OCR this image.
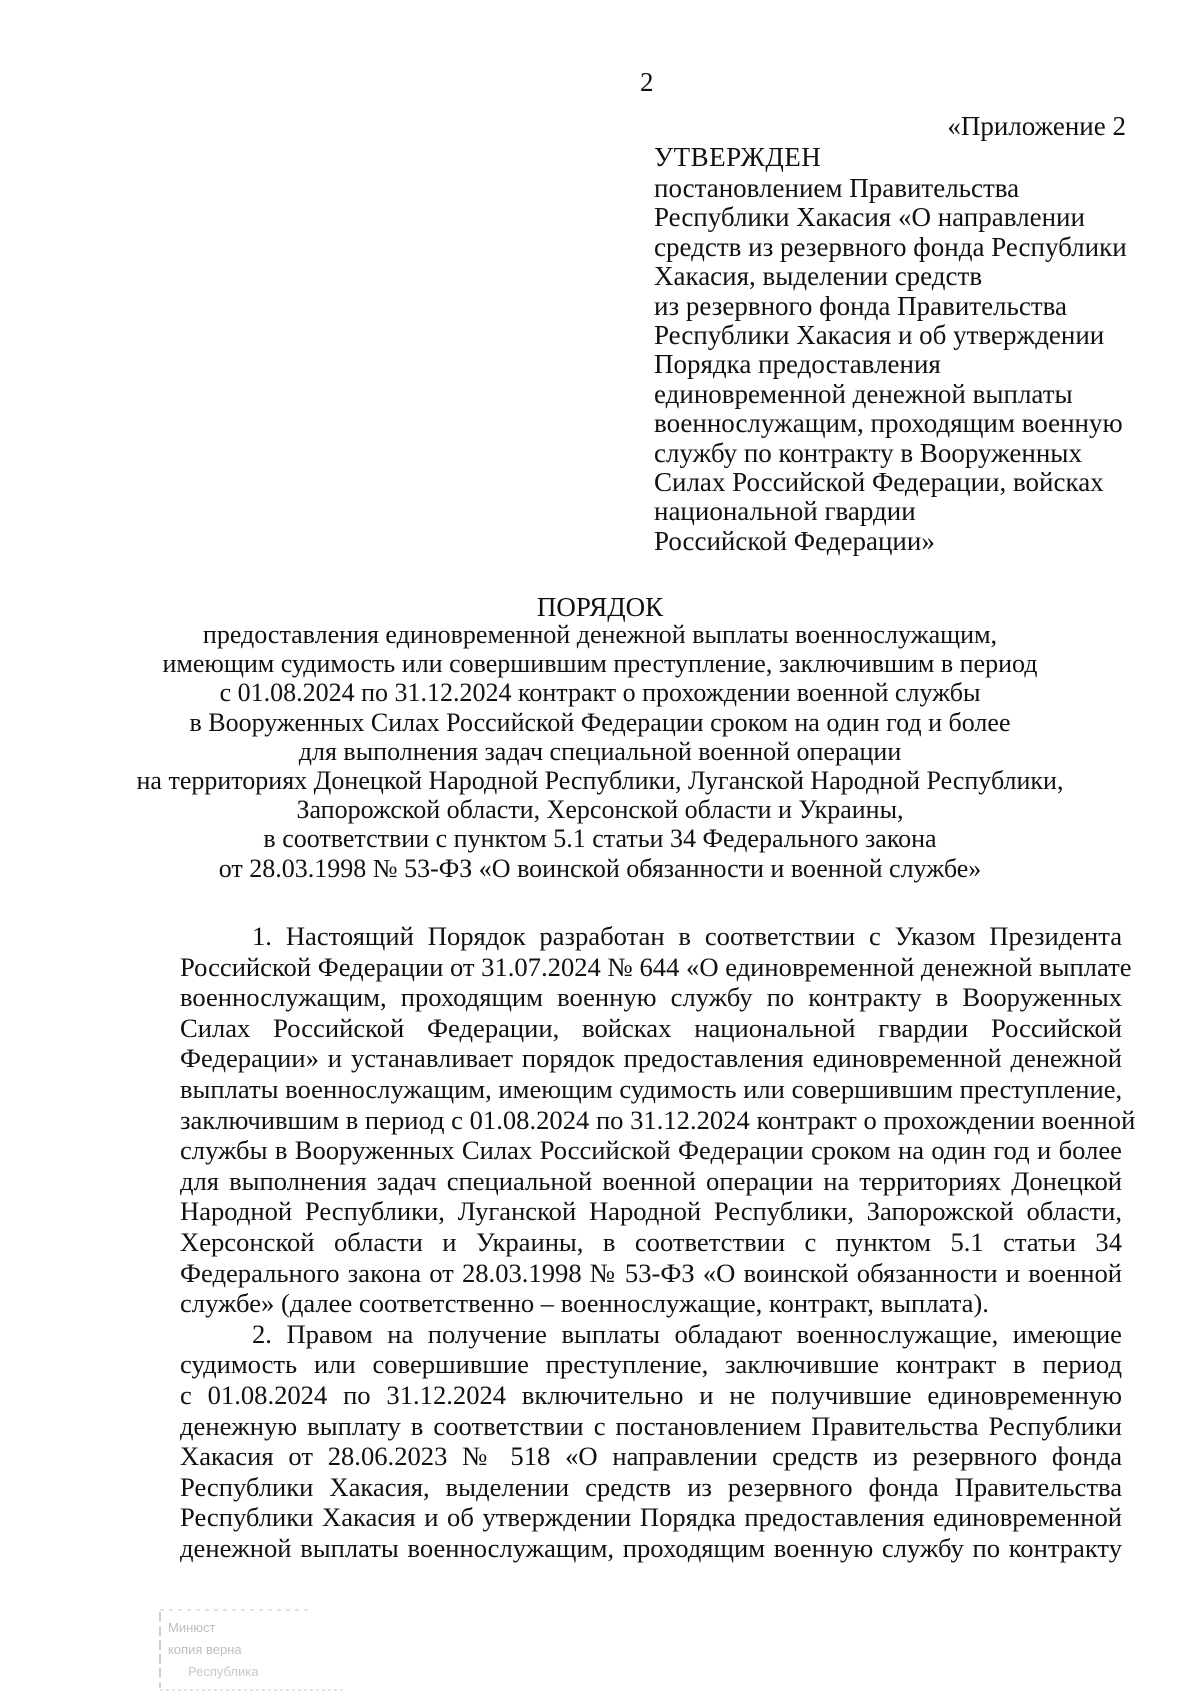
2
«Приложение 2
УТВЕРЖДЕН
постановлением Правительства
Республики Хакасия «О направлении
средств из резервного фонда Республики
Хакасия, выделении средств
из резервного фонда Правительства
Республики Хакасия и об утверждении
Порядка предоставления
единовременной денежной выплаты
военнослужащим, проходящим военную
службу по контракту в Вооруженных
Силах Российской Федерации, войсках
национальной гвардии
Российской Федерации»
ПОРЯДОК
предоставления единовременной денежной выплаты военнослужащим,
имеющим судимость или совершившим преступление, заключившим в период
с 01.08.2024 по 31.12.2024 контракт о прохождении военной службы
в Вооруженных Силах Российской Федерации сроком на один год и более
для выполнения задач специальной военной операции
на территориях Донецкой Народной Республики, Луганской Народной Республики,
Запорожской области, Херсонской области и Украины,
в соответствии с пунктом 5.1 статьи 34 Федерального закона
от 28.03.1998 № 53-ФЗ «О воинской обязанности и военной службе»
1. Настоящий Порядок разработан в соответствии с Указом Президента
Российской Федерации от 31.07.2024 № 644 «О единовременной денежной выплате
военнослужащим, проходящим военную службу по контракту в Вооруженных
Силах Российской Федерации, войсках национальной гвардии Российской
Федерации» и устанавливает порядок предоставления единовременной денежной
выплаты военнослужащим, имеющим судимость или совершившим преступление,
заключившим в период с 01.08.2024 по 31.12.2024 контракт о прохождении военной
службы в Вооруженных Силах Российской Федерации сроком на один год и более
для выполнения задач специальной военной операции на территориях Донецкой
Народной Республики, Луганской Народной Республики, Запорожской области,
Херсонской области и Украины, в соответствии с пунктом 5.1 статьи 34
Федерального закона от 28.03.1998 № 53-ФЗ «О воинской обязанности и военной
службе» (далее соответственно – военнослужащие, контракт, выплата).
2. Правом на получение выплаты обладают военнослужащие, имеющие
судимость или совершившие преступление, заключившие контракт в период
с 01.08.2024 по 31.12.2024 включительно и не получившие единовременную
денежную выплату в соответствии с постановлением Правительства Республики
Хакасия от 28.06.2023 № 518 «О направлении средств из резервного фонда
Республики Хакасия, выделении средств из резервного фонда Правительства
Республики Хакасия и об утверждении Порядка предоставления единовременной
денежной выплаты военнослужащим, проходящим военную службу по контракту
Минюст
копия верна
Республика
